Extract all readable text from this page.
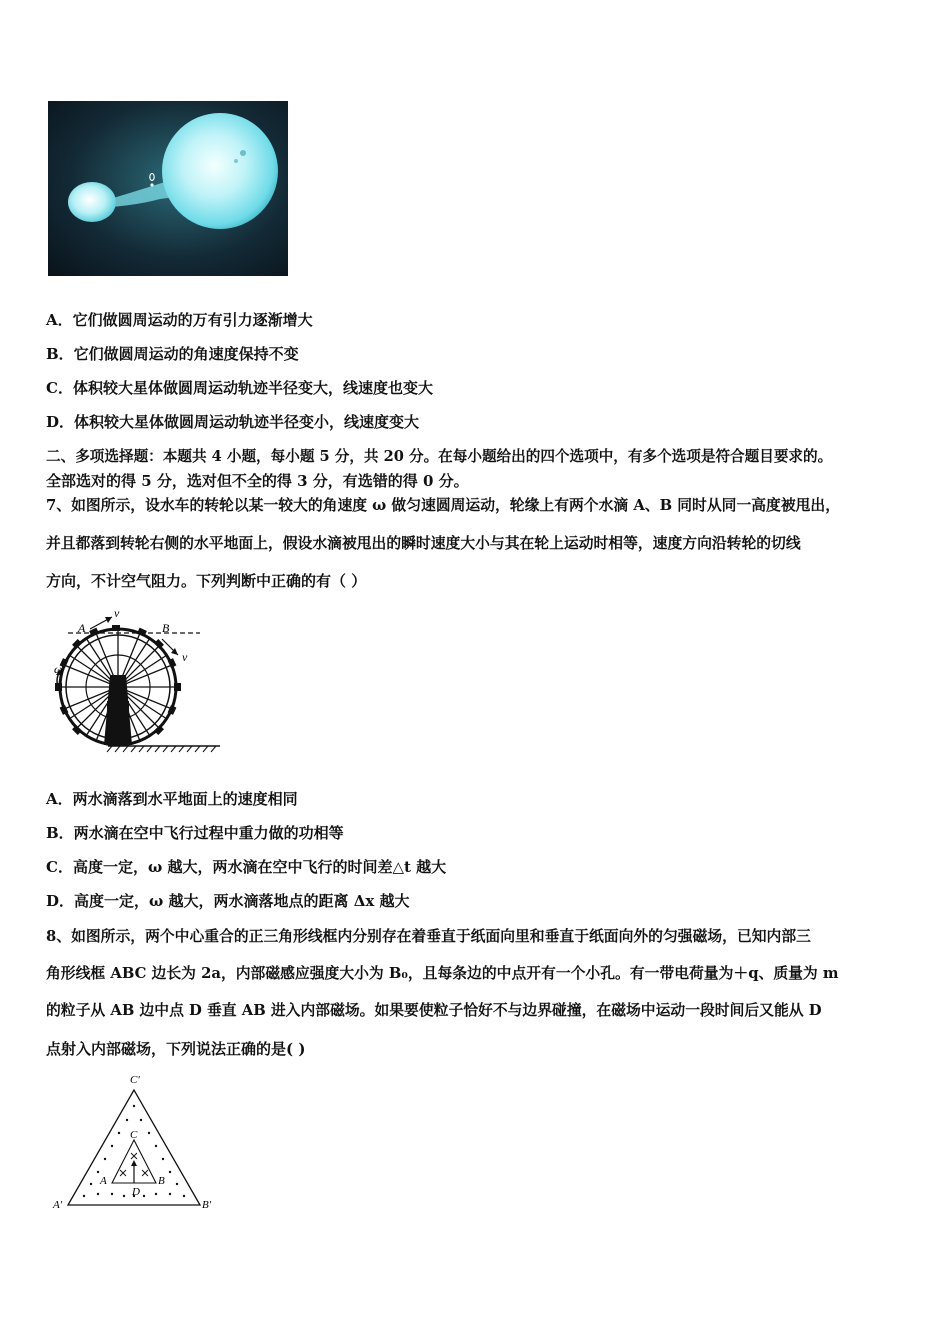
A．它们做圆周运动的万有引力逐渐增大
B．它们做圆周运动的角速度保持不变
C．体积较大星体做圆周运动轨迹半径变大，线速度也变大
D．体积较大星体做圆周运动轨迹半径变小，线速度变大
二、多项选择题：本题共 4 小题，每小题 5 分，共 20 分。在每小题给出的四个选项中，有多个选项是符合题目要求的。
全部选对的得 5 分，选对但不全的得 3 分，有选错的得 0 分。
7、如图所示，设水车的转轮以某一较大的角速度 ω 做匀速圆周运动，轮缘上有两个水滴 A、B 同时从同一高度被甩出，
并且都落到转轮右侧的水平地面上，假设水滴被甩出的瞬时速度大小与其在轮上运动时相等，速度方向沿转轮的切线
方向，不计空气阻力。下列判断中正确的有（ ）
A	B
v
v
ω
A．两水滴落到水平地面上的速度相同
B．两水滴在空中飞行过程中重力做的功相等
C．高度一定，ω 越大，两水滴在空中飞行的时间差△t 越大
D．高度一定，ω 越大，两水滴落地点的距离 Δx 越大
8、如图所示，两个中心重合的正三角形线框内分别存在着垂直于纸面向里和垂直于纸面向外的匀强磁场，已知内部三
角形线框 ABC 边长为 2a，内部磁感应强度大小为 B₀，且每条边的中点开有一个小孔。有一带电荷量为＋q、质量为 m
的粒子从 AB 边中点 D 垂直 AB 进入内部磁场。如果要使粒子恰好不与边界碰撞，在磁场中运动一段时间后又能从 D
点射入内部磁场，下列说法正确的是( )
C′
A′	B′
C
A	B
D
